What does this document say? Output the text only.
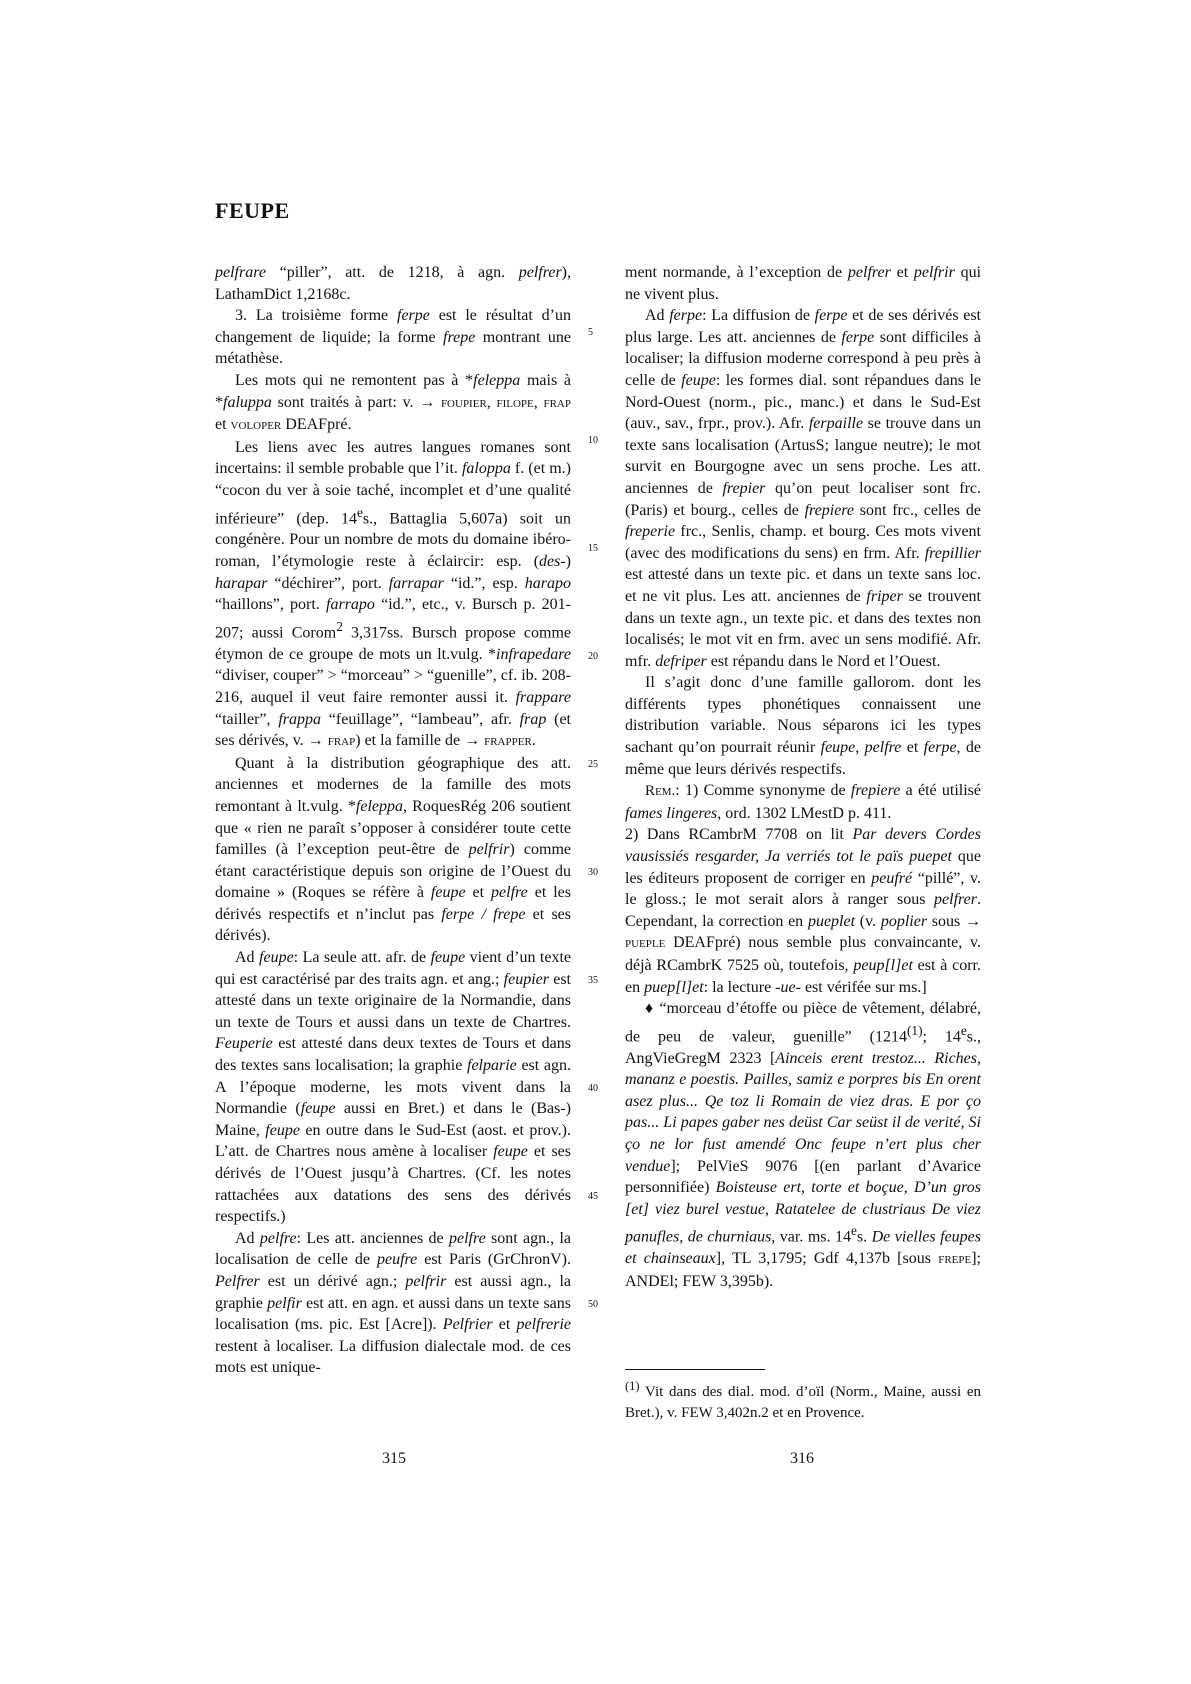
FEUPE

pelfrare “piller”, att. de 1218, à agn. pelfrer), LathamDict 1,2168c.

3. La troisième forme ferpe est le résultat d’un changement de liquide; la forme frepe montrant une métathèse.

Les mots qui ne remontent pas à *feleppa mais à *faluppa sont traités à part: v. → foupier, filope, frap et voloper DEAFpré.

Les liens avec les autres langues romanes sont incertains: il semble probable que l’it. faloppa f. (et m.) “cocon du ver à soie taché, incomplet et d’une qualité inférieure” (dep. 14es., Battaglia 5,607a) soit un congénère. Pour un nombre de mots du domaine ibéro-roman, l’étymologie reste à éclaircir: esp. (des-) harapar “déchirer”, port. farrapar “id.”, esp. harapo “haillons”, port. farrapo “id.”, etc., v. Bursch p. 201-207; aussi Corom$^2$ 3,317ss. Bursch propose comme étymon de ce groupe de mots un lt.vulg. *infrapedare “diviser, couper” > “morceau” > “guenille”, cf. ib. 208-216, auquel il veut faire remonter aussi it. frappare “tailler”, frappa “feuillage”, “lambeau”, afr. frap (et ses dérivés, v. → frap) et la famille de → frapper.

Quant à la distribution géographique des att. anciennes et modernes de la famille des mots remontant à lt.vulg. *feleppa, RoquesRég 206 soutient que « rien ne paraît s’opposer à considérer toute cette familles (à l’exception peut-être de pelfrir) comme étant caractéristique depuis son origine de l’Ouest du domaine » (Roques se réfère à feupe et pelfre et les dérivés respectifs et n’inclut pas ferpe / frepe et ses dérivés).

Ad feupe: La seule att. afr. de feupe vient d’un texte qui est caractérisé par des traits agn. et ang.; feupier est attesté dans un texte originaire de la Normandie, dans un texte de Tours et aussi dans un texte de Chartres. Feuperie est attesté dans deux textes de Tours et dans des textes sans localisation; la graphie felparie est agn. A l’époque moderne, les mots vivent dans la Normandie (feupe aussi en Bret.) et dans le (Bas-) Maine, feupe en outre dans le Sud-Est (aost. et prov.). L’att. de Chartres nous amène à localiser feupe et ses dérivés de l’Ouest jusqu’à Chartres. (Cf. les notes rattachées aux datations des sens des dérivés respectifs.)

Ad pelfre: Les att. anciennes de pelfre sont agn., la localisation de celle de peufre est Paris (GrChronV). Pelfrer est un dérivé agn.; pelfrir est aussi agn., la graphie pelfir est att. en agn. et aussi dans un texte sans localisation (ms. pic. Est [Acre]). Pelfrier et pelfrerie restent à localiser. La diffusion dialectale mod. de ces mots est unique-

5
10
15
20
25
30
35
40
45
50

ment normande, à l’exception de pelfrer et pelfrir qui ne vivent plus.

Ad ferpe: La diffusion de ferpe et de ses dérivés est plus large. Les att. anciennes de ferpe sont difficiles à localiser; la diffusion moderne correspond à peu près à celle de feupe: les formes dial. sont répandues dans le Nord-Ouest (norm., pic., manc.) et dans le Sud-Est (auv., sav., frpr., prov.). Afr. ferpaille se trouve dans un texte sans localisation (ArtusS; langue neutre); le mot survit en Bourgogne avec un sens proche. Les att. anciennes de frepier qu’on peut localiser sont frc. (Paris) et bourg., celles de frepiere sont frc., celles de freperie frc., Senlis, champ. et bourg. Ces mots vivent (avec des modifications du sens) en frm. Afr. frepillier est attesté dans un texte pic. et dans un texte sans loc. et ne vit plus. Les att. anciennes de friper se trouvent dans un texte agn., un texte pic. et dans des textes non localisés; le mot vit en frm. avec un sens modifié. Afr. mfr. defriper est répandu dans le Nord et l’Ouest.

Il s’agit donc d’une famille gallorom. dont les différents types phonétiques connaissent une distribution variable. Nous séparons ici les types sachant qu’on pourrait réunir feupe, pelfre et ferpe, de même que leurs dérivés respectifs.

Rem.: 1) Comme synonyme de frepiere a été utilisé fames lingeres, ord. 1302 LMestD p. 411.

2) Dans RCambrM 7708 on lit Par devers Cordes vausissiés resgarder, Ja verriés tot le païs puepet que les éditeurs proposent de corriger en peufré “pillé”, v. le gloss.; le mot serait alors à ranger sous pelfrer. Cependant, la correction en pueplet (v. poplier sous → pueple DEAFpré) nous semble plus convaincante, v. déjà RCambrK 7525 où, toutefois, peup[l]et est à corr. en puep[l]et: la lecture -ue- est vérifée sur ms.]

♦ “morceau d’étoffe ou pièce de vêtement, délabré, de peu de valeur, guenille” (1214$^{(1)}$; 14es., AngVieGregM 2323 [Ainceis erent trestoz... Riches, mananz e poestis. Pailles, samiz e porpres bis En orent asez plus... Qe toz li Romain de viez dras. E por ço pas... Li papes gaber nes deüst Car seüst il de verité, Si ço ne lor fust amendé Onc feupe n’ert plus cher vendue]; PelVieS 9076 [(en parlant d’Avarice personnifiée) Boisteuse ert, torte et boçue, D’un gros [et] viez burel vestue, Ratatelee de clustriaus De viez panufles, de churniaus, var. ms. 14es. De vielles feupes et chainseaux], TL 3,1795; Gdf 4,137b [sous frepe]; ANDEl; FEW 3,395b).

$^{(1)}$ Vit dans des dial. mod. d’oïl (Norm., Maine, aussi en Bret.), v. FEW 3,402n.2 et en Provence.
315	316
